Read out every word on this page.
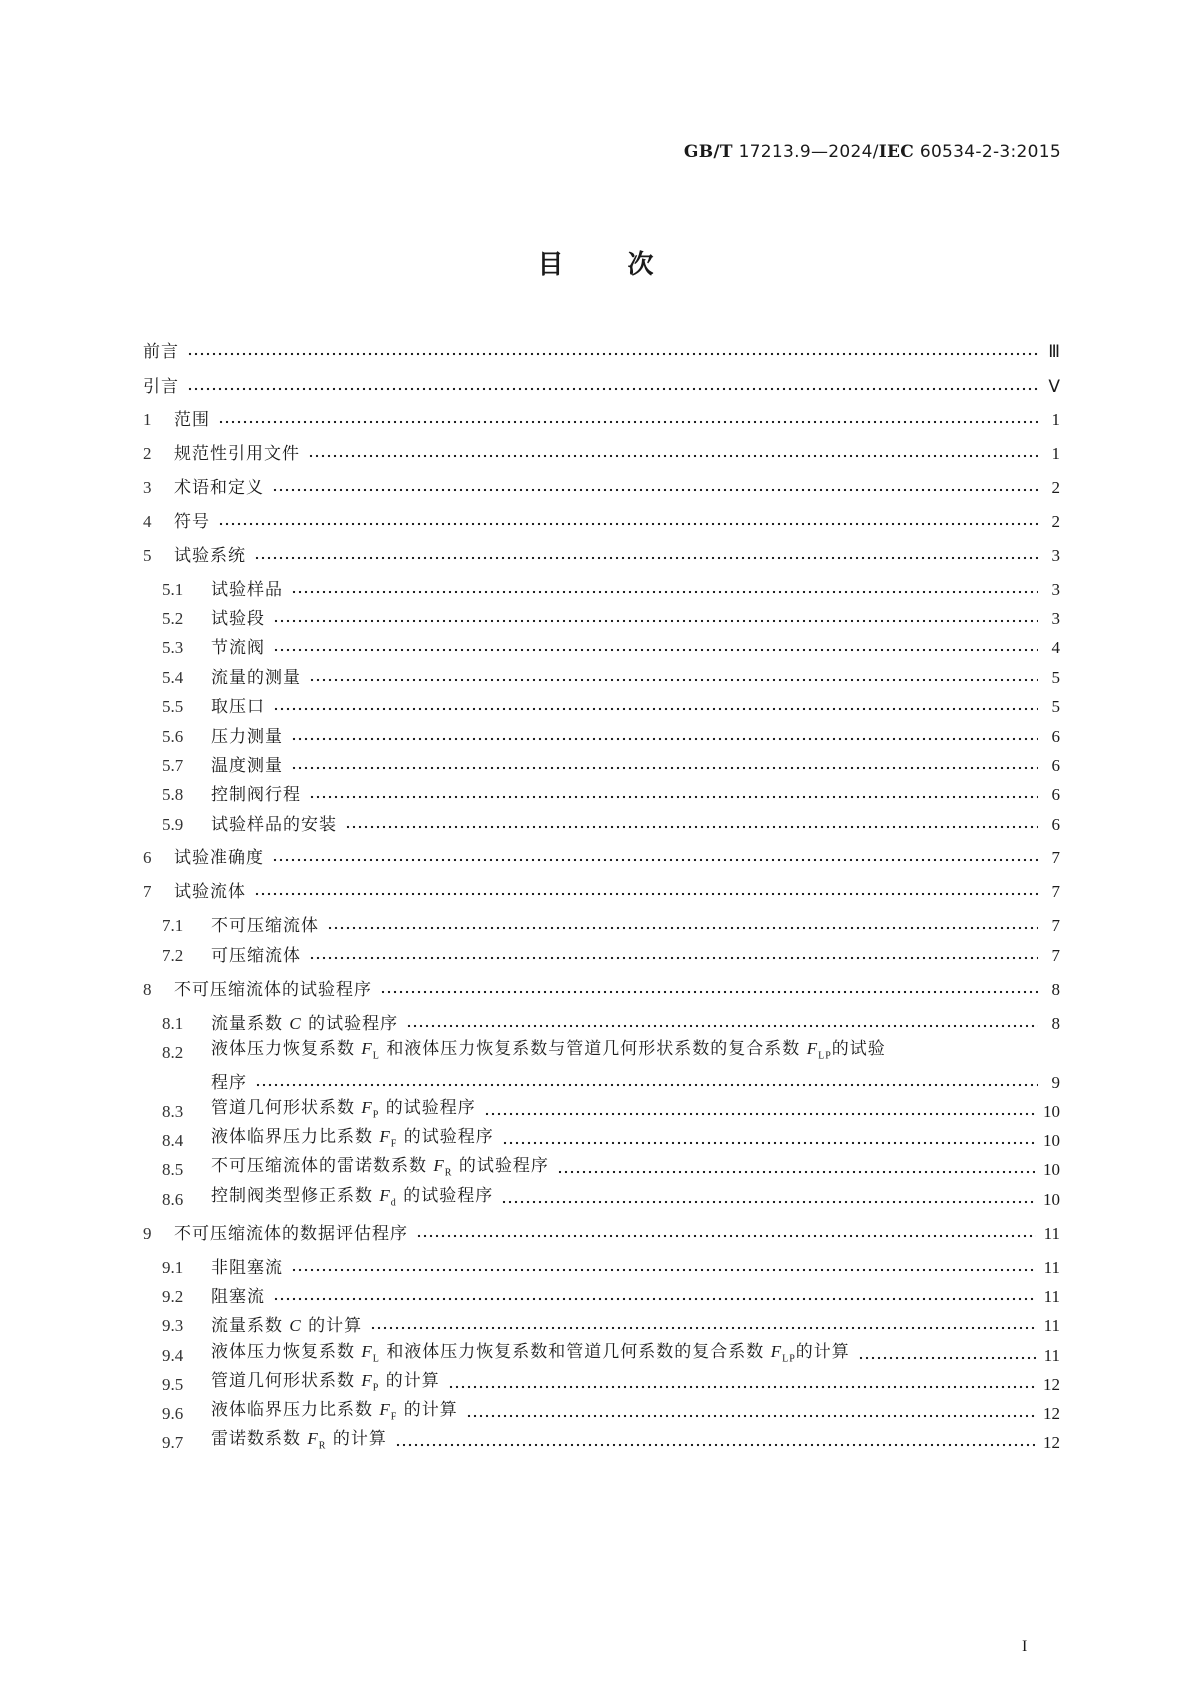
GB/T 17213.9—2024/IEC 60534-2-3:2015
目次
前言	Ⅲ
引言	Ⅴ
1	范围	1
2	规范性引用文件	1
3	术语和定义	2
4	符号	2
5	试验系统	3
5.1	试验样品	3
5.2	试验段	3
5.3	节流阀	4
5.4	流量的测量	5
5.5	取压口	5
5.6	压力测量	6
5.7	温度测量	6
5.8	控制阀行程	6
5.9	试验样品的安装	6
6	试验准确度	7
7	试验流体	7
7.1	不可压缩流体	7
7.2	可压缩流体	7
8	不可压缩流体的试验程序	8
8.1	流量系数 C 的试验程序	8
8.2	液体压力恢复系数 $F_L$ 和液体压力恢复系数与管道几何形状系数的复合系数 $F_{LP}$的试验
程序	9
8.3	管道几何形状系数 $F_P$ 的试验程序	10
8.4	液体临界压力比系数 $F_F$ 的试验程序	10
8.5	不可压缩流体的雷诺数系数 $F_R$ 的试验程序	10
8.6	控制阀类型修正系数 $F_d$ 的试验程序	10
9	不可压缩流体的数据评估程序	11
9.1	非阻塞流	11
9.2	阻塞流	11
9.3	流量系数 C 的计算	11
9.4	液体压力恢复系数 $F_L$ 和液体压力恢复系数和管道几何系数的复合系数 $F_{LP}$的计算	11
9.5	管道几何形状系数 $F_P$ 的计算	12
9.6	液体临界压力比系数 $F_F$ 的计算	12
9.7	雷诺数系数 $F_R$ 的计算	12
I
